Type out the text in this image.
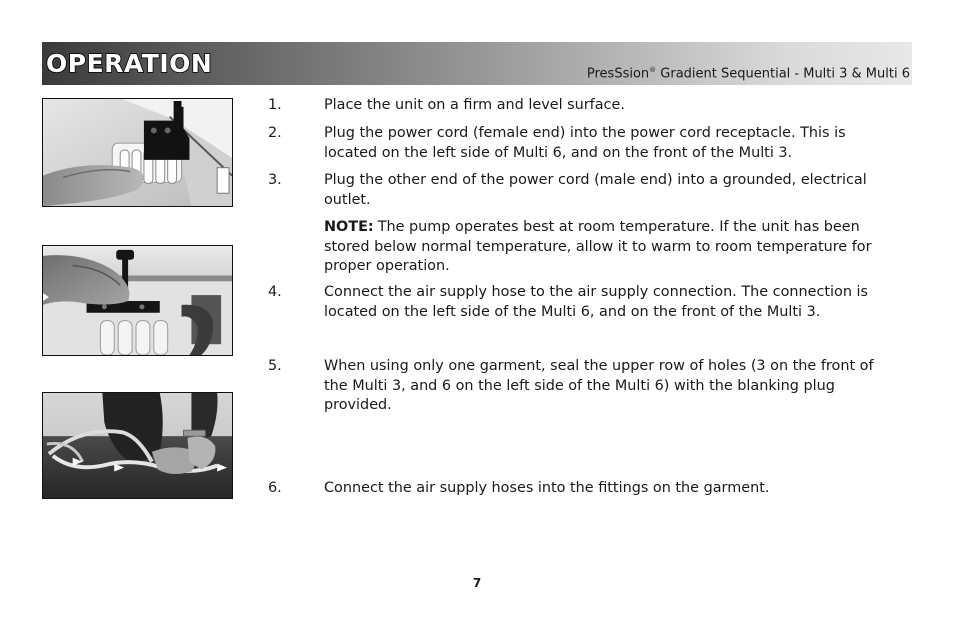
OPERATION	PresSsion® Gradient Sequential - Multi 3 & Multi 6
1.	Place the unit on a firm and level surface.
2.	Plug the power cord (female end) into the power cord receptacle. This is located on the left side of Multi 6, and on the front of the Multi 3.
3.	Plug the other end of the power cord (male end) into a grounded, electrical outlet.
NOTE: The pump operates best at room temperature. If the unit has been stored below normal temperature, allow it to warm to room temperature for proper operation.
4.	Connect the air supply hose to the air supply connection. The connection is located on the left side of the Multi 6, and on the front of the Multi 3.
5.	When using only one garment, seal the upper row of holes (3 on the front of the Multi 3, and 6 on the left side of the Multi 6) with the blanking plug provided.
6.	Connect the air supply hoses into the fittings on the garment.
7
